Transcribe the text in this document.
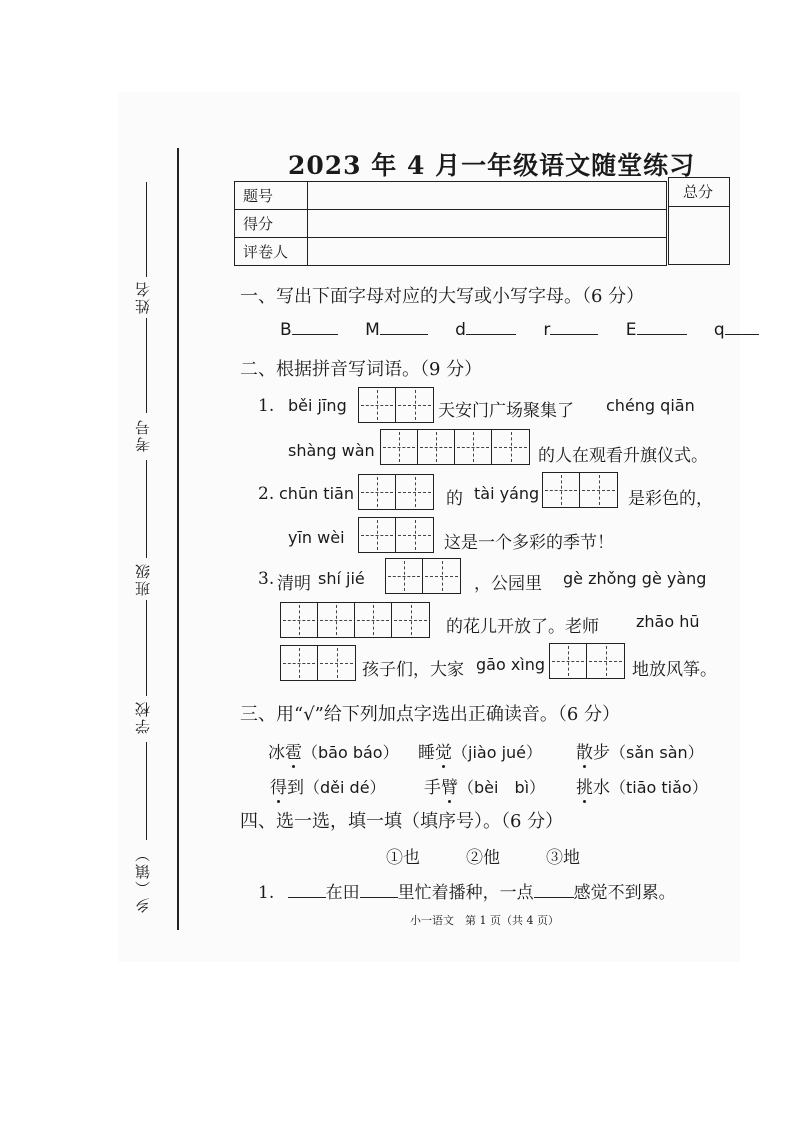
姓名
考号
班级
学校
乡（镇）
2023 年 4 月一年级语文随堂练习
题号	
得分	
评卷人	
总分
一、写出下面字母对应的大写或小写字母。（6 分）
B	M	d	r	E	q
二、根据拼音写词语。（9 分）
1. běi jīng	天安门广场聚集了 chéng qiān
shàng wàn	的人在观看升旗仪式。
2. chūn tiān	的 tài yáng	是彩色的，
yīn wèi	这是一个多彩的季节！
3. 清明 shí jié	，公园里 gè zhǒng gè yàng
的花儿开放了。老师 zhāo hū
孩子们，大家 gāo xìng	地放风筝。
三、用“√”给下列加点字选出正确读音。（6 分）
冰雹（bāo báo） 睡觉（jiào jué） 散步（sǎn sàn）
得到（děi dé） 手臂（bèi　bì） 挑水（tiāo tiǎo）
四、选一选，填一填（填序号）。（6 分）
①也	②他	③地
1.	在田 里忙着播种，一点 感觉不到累。
小一语文　第 1 页（共 4 页）
